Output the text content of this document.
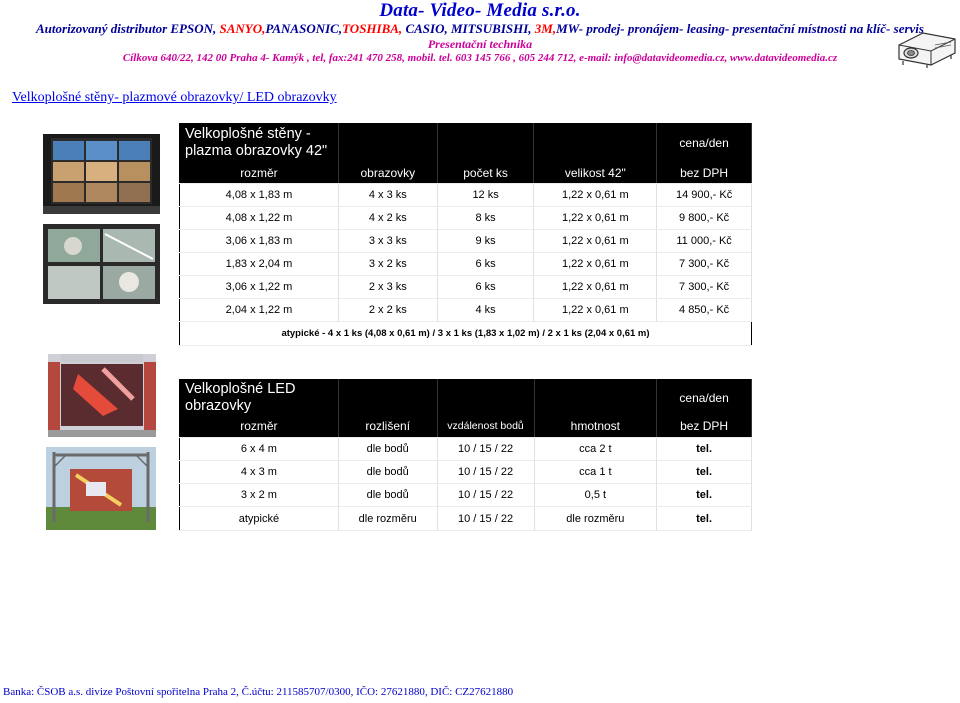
Data- Video- Media s.r.o.
Autorizovaný distributor EPSON, SANYO,PANASONIC,TOSHIBA, CASIO, MITSUBISHI, 3M,MW- prodej- pronájem- leasing- presentační místnosti na klíč- servis
Presentační technika
Cílkova 640/22, 142 00 Praha 4- Kamýk , tel, fax:241 470 258, mobil. tel. 603 145 766 , 605 244 712, e-mail: info@datavideomedia.cz, www.datavideomedia.cz
Velkoplošné stěny- plazmové obrazovky/ LED obrazovky
Velkoplošné stěny -
plazma obrazovky 42"				cena/den
rozměr	obrazovky	počet ks	velikost 42"	bez DPH
4,08 x 1,83 m	4 x 3 ks	12 ks	1,22 x 0,61 m	14 900,- Kč
4,08 x 1,22 m	4 x 2 ks	8 ks	1,22 x 0,61 m	9 800,- Kč
3,06 x 1,83 m	3 x 3 ks	9 ks	1,22 x 0,61 m	11 000,- Kč
1,83 x 2,04 m	3 x 2 ks	6 ks	1,22 x 0,61 m	7 300,- Kč
3,06 x 1,22 m	2 x 3 ks	6 ks	1,22 x 0,61 m	7 300,- Kč
2,04 x 1,22 m	2 x 2 ks	4 ks	1,22 x 0,61 m	4 850,- Kč
atypické - 4 x 1 ks (4,08 x 0,61 m) / 3 x 1 ks (1,83 x 1,02 m) / 2 x 1 ks (2,04 x 0,61 m)				
Velkoplošné LED
obrazovky				cena/den
rozměr	rozlišení	vzdálenost bodů	hmotnost	bez DPH
6 x 4 m	dle bodů	10 / 15 / 22	cca 2 t	tel.
4 x 3 m	dle bodů	10 / 15 / 22	cca 1 t	tel.
3 x 2 m	dle bodů	10 / 15 / 22	0,5 t	tel.
atypické	dle rozměru	10 / 15 / 22	dle rozměru	tel.
Banka: ČSOB a.s. divize Poštovní spořitelna Praha 2, Č.účtu: 211585707/0300, IČO: 27621880, DIČ: CZ27621880
